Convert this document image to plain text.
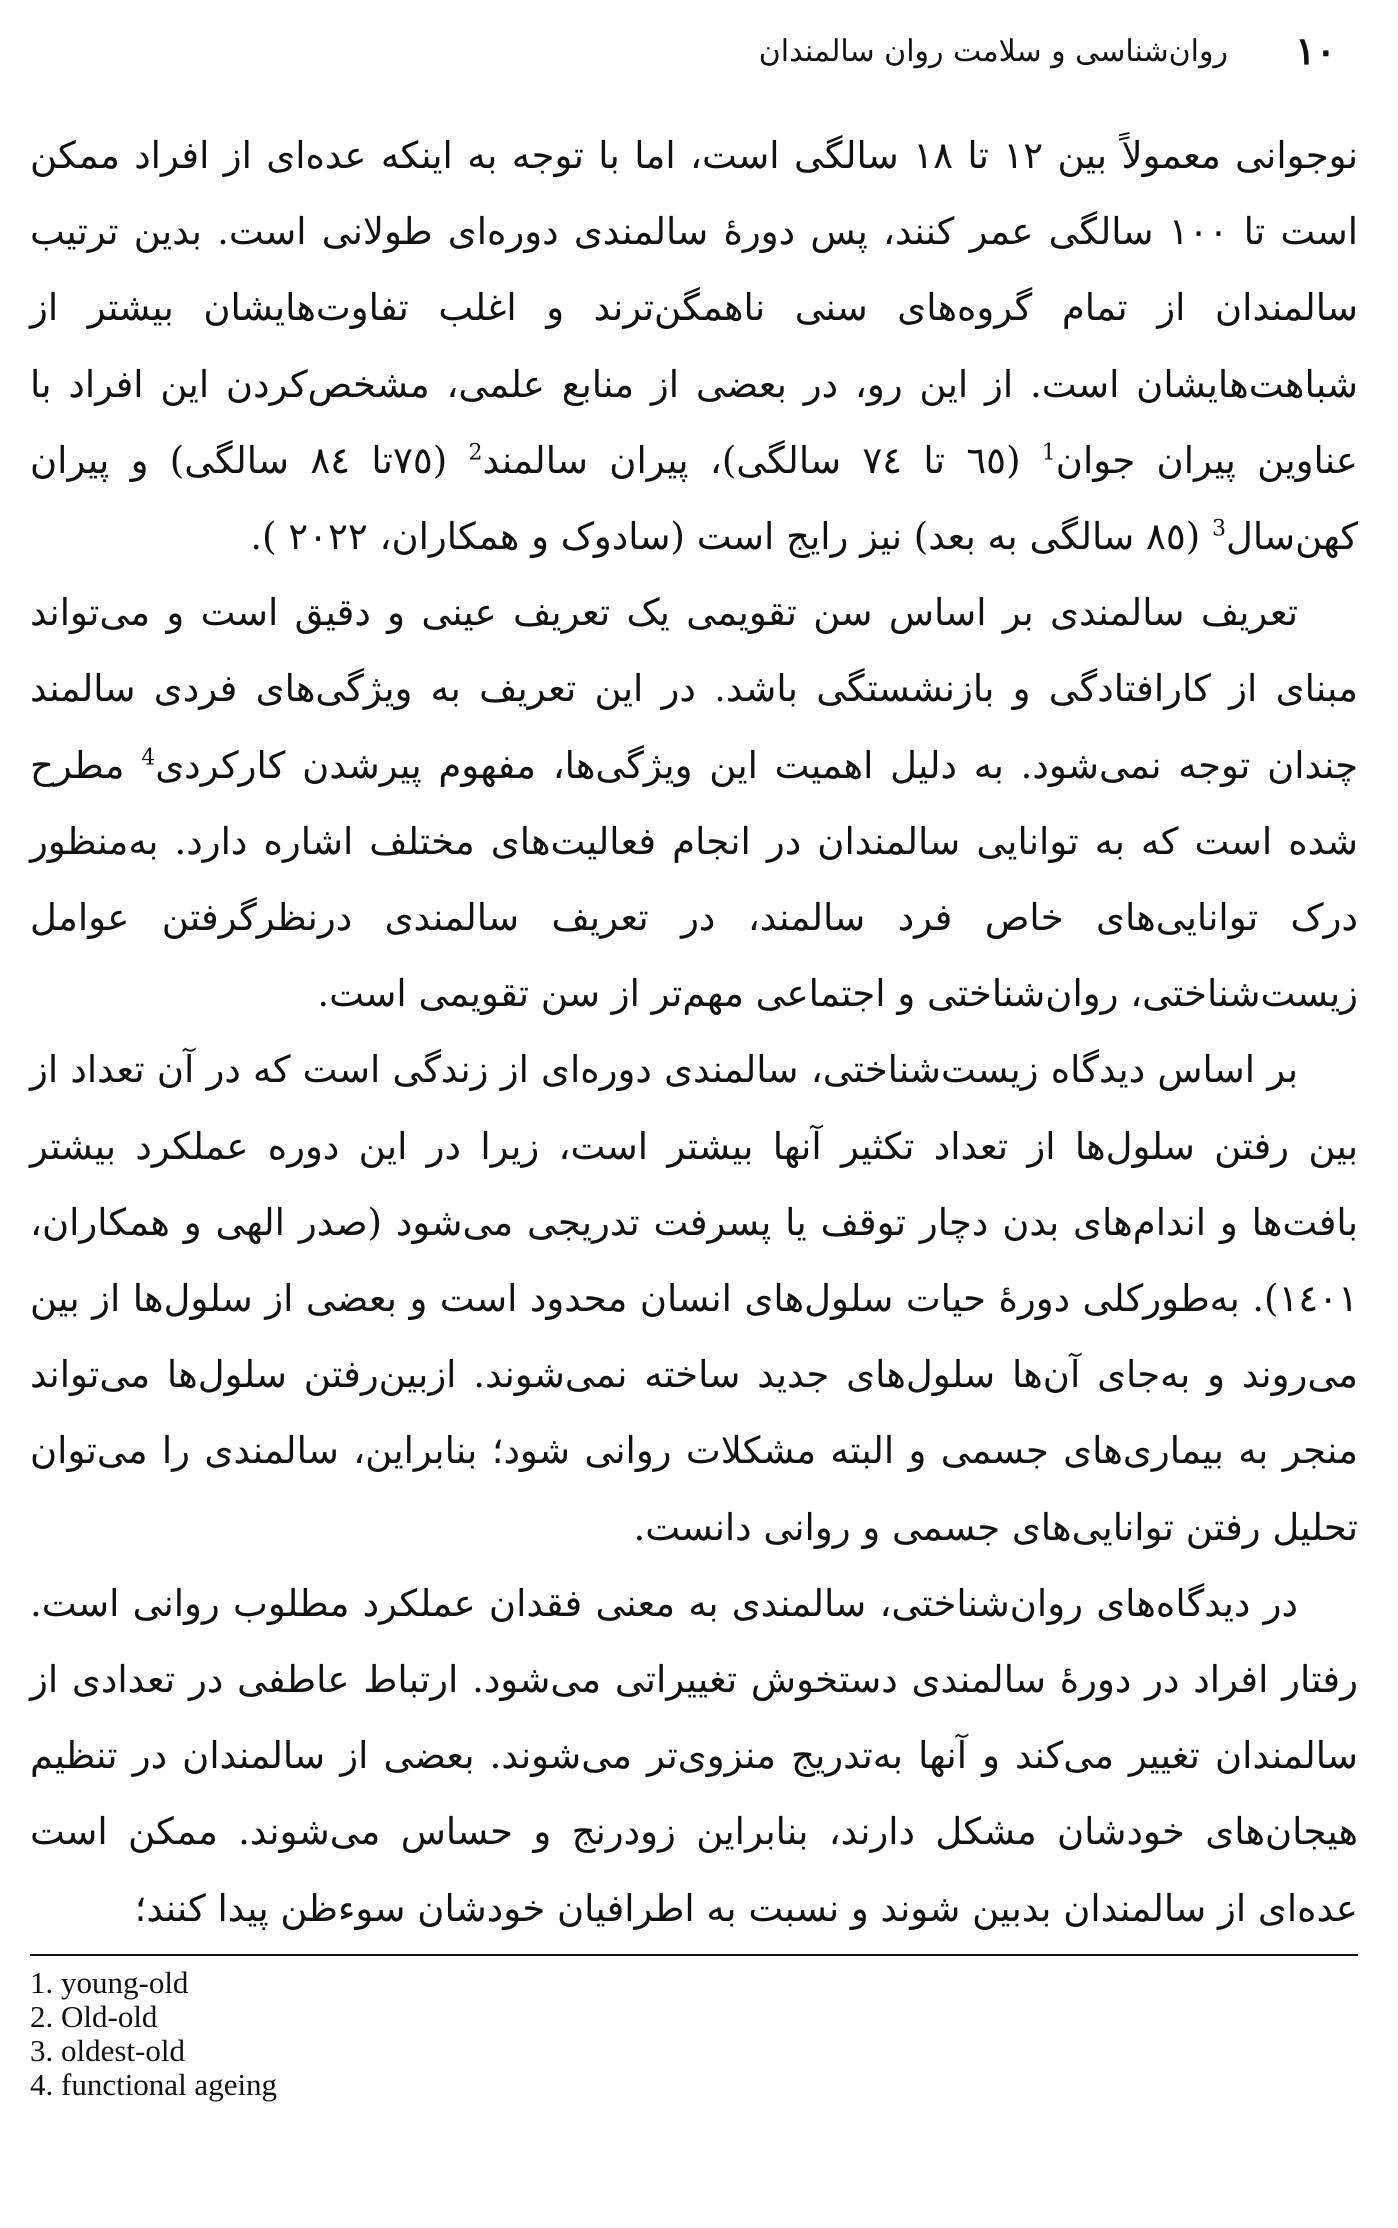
۱۰
روان‌شناسی و سلامت روان سالمندان

نوجوانی معمولاً بین ۱۲ تا ۱۸ سالگی است، اما با توجه به اینکه عده‌ای از افراد ممکن است تا ۱۰۰ سالگی عمر کنند، پس دورهٔ سالمندی دوره‌ای طولانی است. بدین ترتیب سالمندان از تمام گروه‌های سنی ناهمگن‌ترند و اغلب تفاوت‌هایشان بیشتر از شباهت‌هایشان است. از این رو، در بعضی از منابع علمی، مشخص‌کردن این افراد با عناوین پیران جوان$^1$ (٦٥ تا ٧٤ سالگی)، پیران سالمند$^2$ (٧٥تا ٨٤ سالگی) و پیران کهن‌سال$^3$ (٨٥ سالگی به بعد) نیز رایج است (سادوک و همکاران، ۲۰۲۲ ).

تعریف سالمندی بر اساس سن تقویمی یک تعریف عینی و دقیق است و می‌تواند مبنای از کارافتادگی و بازنشستگی باشد. در این تعریف به ویژگی‌های فردی سالمند چندان توجه نمی‌شود. به دلیل اهمیت این ویژگی‌ها، مفهوم پیرشدن کارکردی$^4$ مطرح شده است که به توانایی سالمندان در انجام فعالیت‌های مختلف اشاره دارد. به‌منظور درک توانایی‌های خاص فرد سالمند، در تعریف سالمندی درنظرگرفتن عوامل زیست‌شناختی، روان‌شناختی و اجتماعی مهم‌تر از سن تقویمی است.

بر اساس دیدگاه زیست‌شناختی، سالمندی دوره‌ای از زندگی است که در آن تعداد از بین رفتن سلول‌ها از تعداد تکثیر آنها بیشتر است، زیرا در این دوره عملکرد بیشتر بافت‌ها و اندام‌های بدن دچار توقف یا پسرفت تدریجی می‌شود (صدر الهی و همکاران، ۱٤۰۱). به‌طورکلی دورهٔ حیات سلول‌های انسان محدود است و بعضی از سلول‌ها از بین می‌روند و به‌جای آن‌ها سلول‌های جدید ساخته نمی‌شوند. ازبین‌رفتن سلول‌ها می‌تواند منجر به بیماری‌های جسمی و البته مشکلات روانی شود؛ بنابراین، سالمندی را می‌توان تحلیل رفتن توانایی‌های جسمی و روانی دانست.

در دیدگاه‌های روان‌شناختی، سالمندی به معنی فقدان عملکرد مطلوب روانی است. رفتار افراد در دورهٔ سالمندی دستخوش تغییراتی می‌شود. ارتباط عاطفی در تعدادی از سالمندان تغییر می‌کند و آنها به‌تدریج منزوی‌تر می‌شوند. بعضی از سالمندان در تنظیم هیجان‌های خودشان مشکل دارند، بنابراین زودرنج و حساس می‌شوند. ممکن است عده‌ای از سالمندان بدبین شوند و نسبت به اطرافیان خودشان سوءظن پیدا کنند؛

1. young-old
2. Old-old
3. oldest-old
4. functional ageing
